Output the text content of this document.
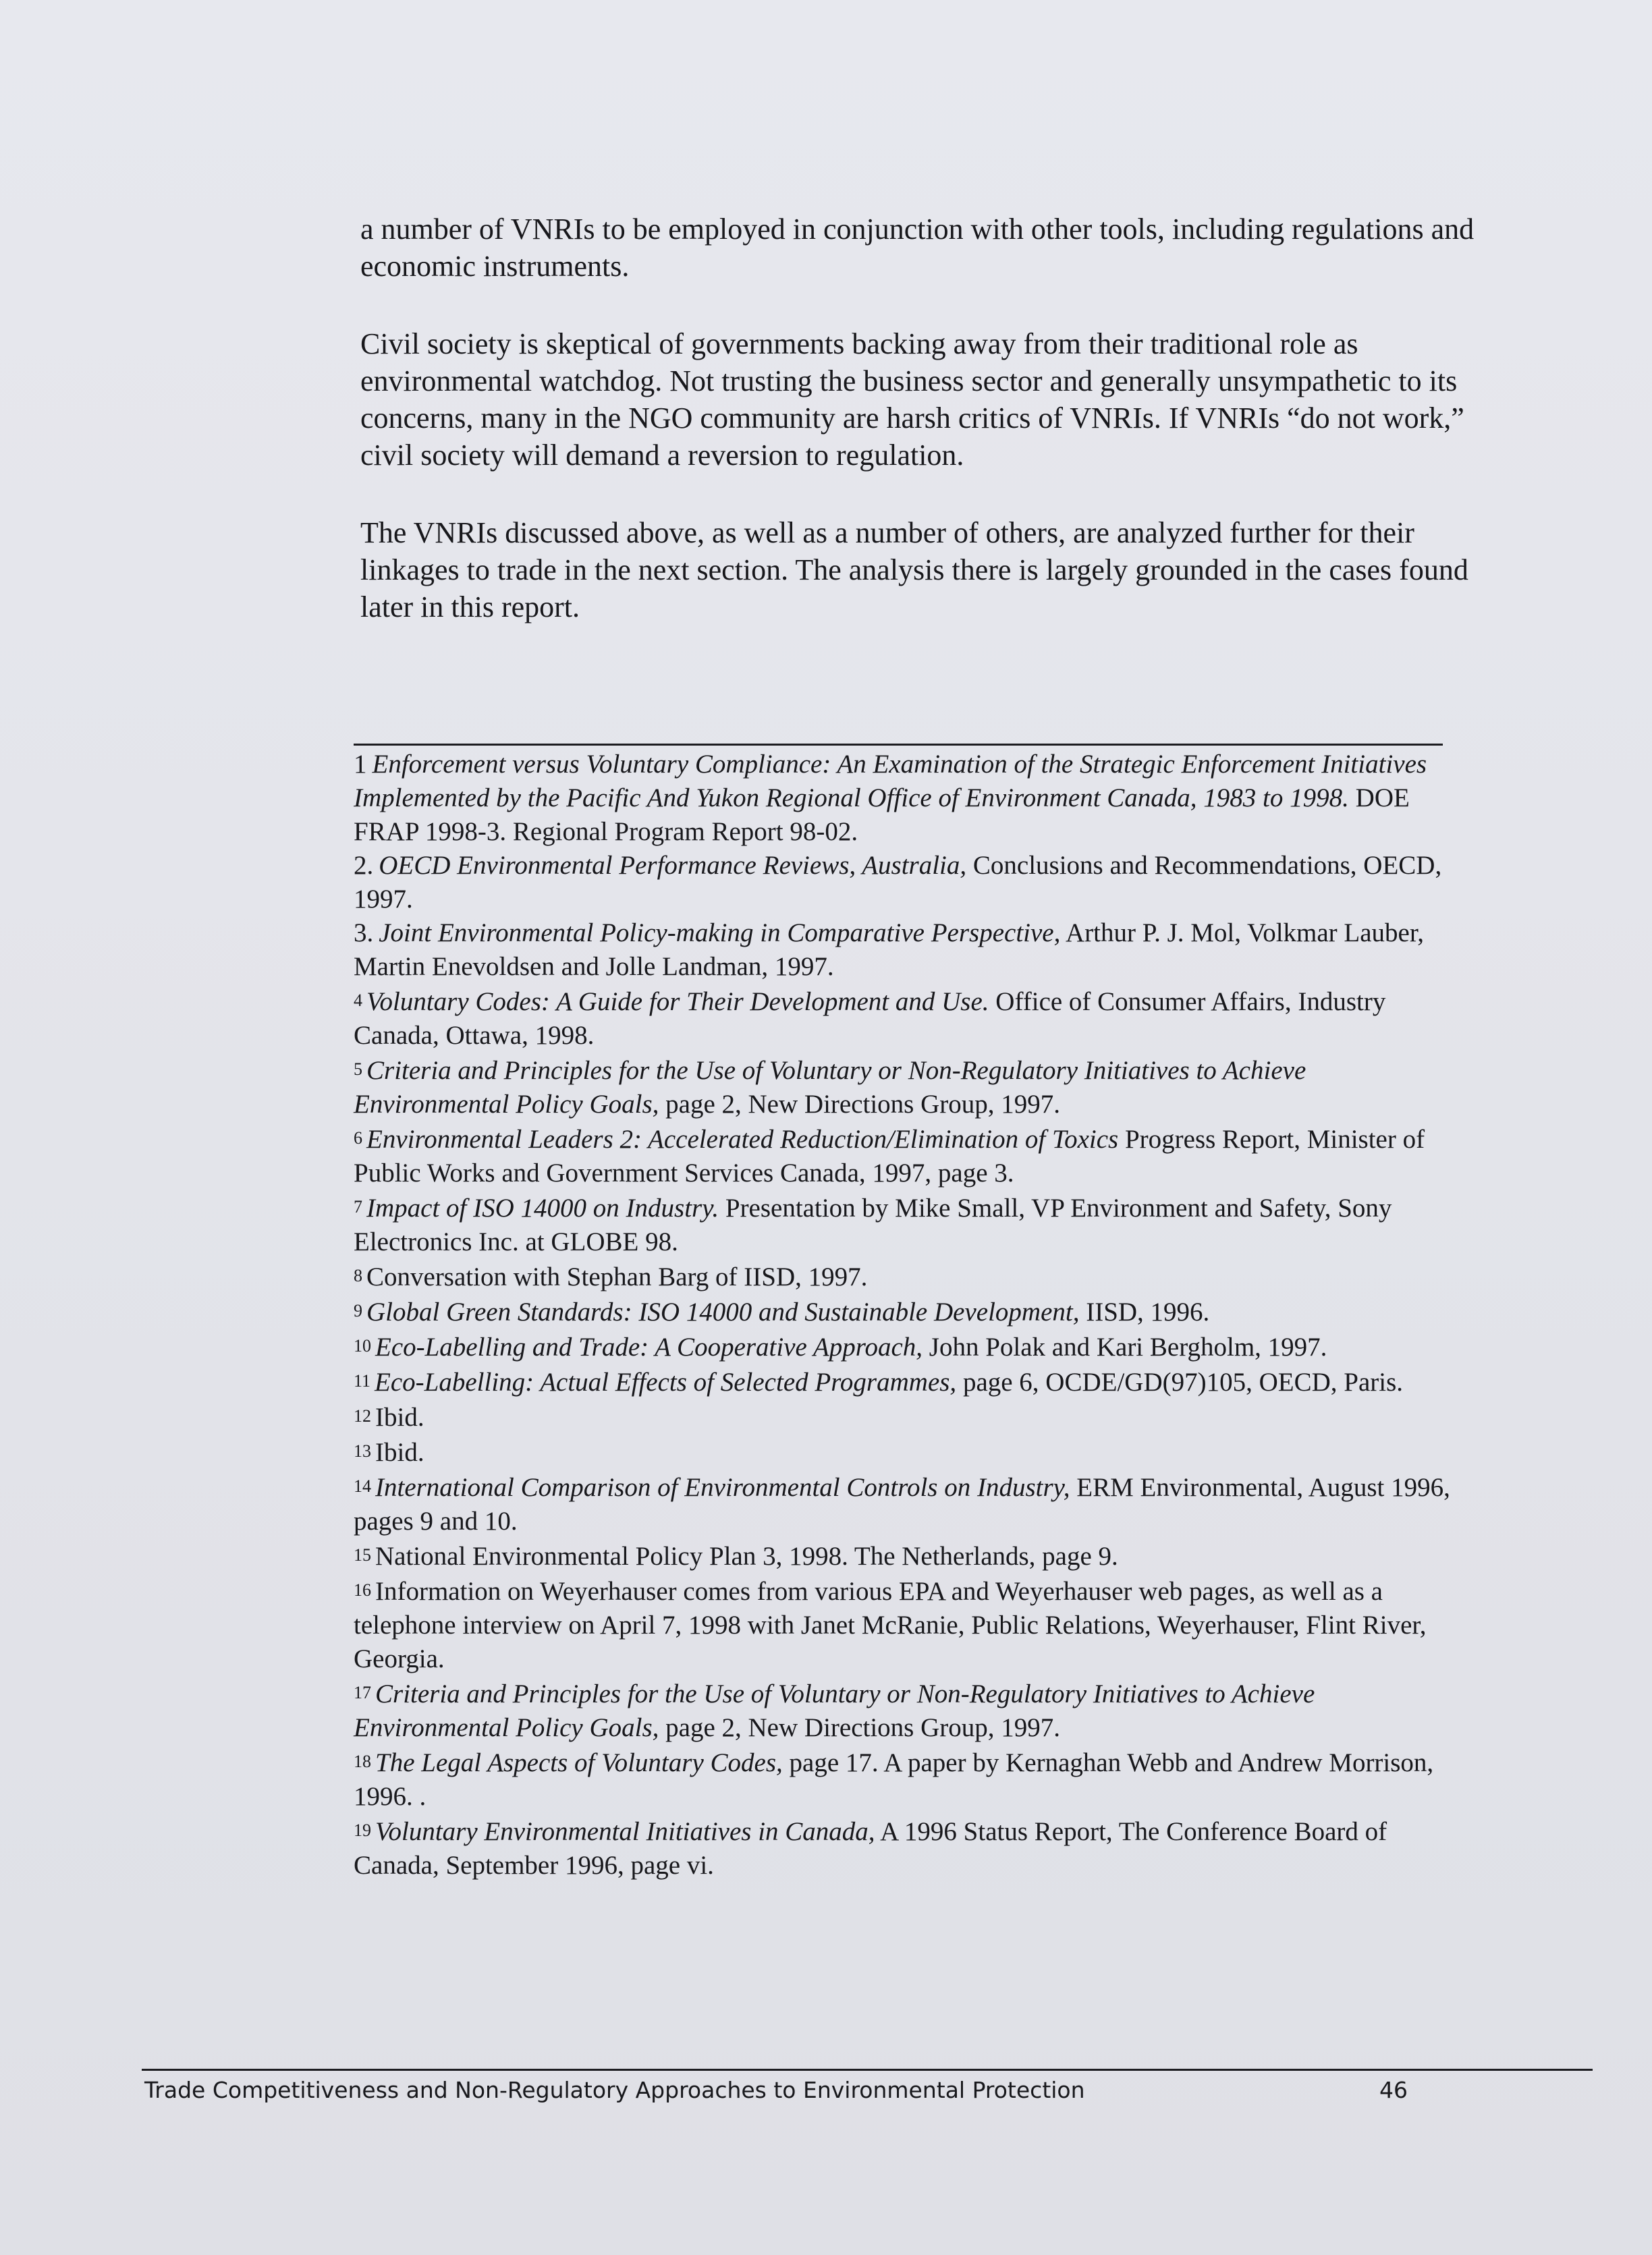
a number of VNRIs to be employed in conjunction with other tools, including regulations and economic instruments.

Civil society is skeptical of governments backing away from their traditional role as environmental watchdog. Not trusting the business sector and generally unsympathetic to its concerns, many in the NGO community are harsh critics of VNRIs. If VNRIs “do not work,” civil society will demand a reversion to regulation.

The VNRIs discussed above, as well as a number of others, are analyzed further for their linkages to trade in the next section. The analysis there is largely grounded in the cases found later in this report.

1 Enforcement versus Voluntary Compliance: An Examination of the Strategic Enforcement Initiatives Implemented by the Pacific And Yukon Regional Office of Environment Canada, 1983 to 1998. DOE FRAP 1998-3. Regional Program Report 98-02.

2. OECD Environmental Performance Reviews, Australia, Conclusions and Recommendations, OECD, 1997.

3. Joint Environmental Policy-making in Comparative Perspective, Arthur P. J. Mol, Volkmar Lauber, Martin Enevoldsen and Jolle Landman, 1997.

$^4$ Voluntary Codes: A Guide for Their Development and Use. Office of Consumer Affairs, Industry Canada, Ottawa, 1998.

$^5$ Criteria and Principles for the Use of Voluntary or Non-Regulatory Initiatives to Achieve Environmental Policy Goals, page 2, New Directions Group, 1997.

$^6$ Environmental Leaders 2: Accelerated Reduction/Elimination of Toxics Progress Report, Minister of Public Works and Government Services Canada, 1997, page 3.

$^7$ Impact of ISO 14000 on Industry. Presentation by Mike Small, VP Environment and Safety, Sony Electronics Inc. at GLOBE 98.

$^8$ Conversation with Stephan Barg of IISD, 1997.

$^9$ Global Green Standards: ISO 14000 and Sustainable Development, IISD, 1996.

$^{10}$ Eco-Labelling and Trade: A Cooperative Approach, John Polak and Kari Bergholm, 1997.

$^{11}$ Eco-Labelling: Actual Effects of Selected Programmes, page 6, OCDE/GD(97)105, OECD, Paris.

$^{12}$ Ibid.

$^{13}$ Ibid.

$^{14}$ International Comparison of Environmental Controls on Industry, ERM Environmental, August 1996, pages 9 and 10.

$^{15}$ National Environmental Policy Plan 3, 1998. The Netherlands, page 9.

$^{16}$ Information on Weyerhauser comes from various EPA and Weyerhauser web pages, as well as a telephone interview on April 7, 1998 with Janet McRanie, Public Relations, Weyerhauser, Flint River, Georgia.

$^{17}$ Criteria and Principles for the Use of Voluntary or Non-Regulatory Initiatives to Achieve Environmental Policy Goals, page 2, New Directions Group, 1997.

$^{18}$ The Legal Aspects of Voluntary Codes, page 17. A paper by Kernaghan Webb and Andrew Morrison, 1996. .

$^{19}$ Voluntary Environmental Initiatives in Canada, A 1996 Status Report, The Conference Board of Canada, September 1996, page vi.

Trade Competitiveness and Non-Regulatory Approaches to Environmental Protection	46
